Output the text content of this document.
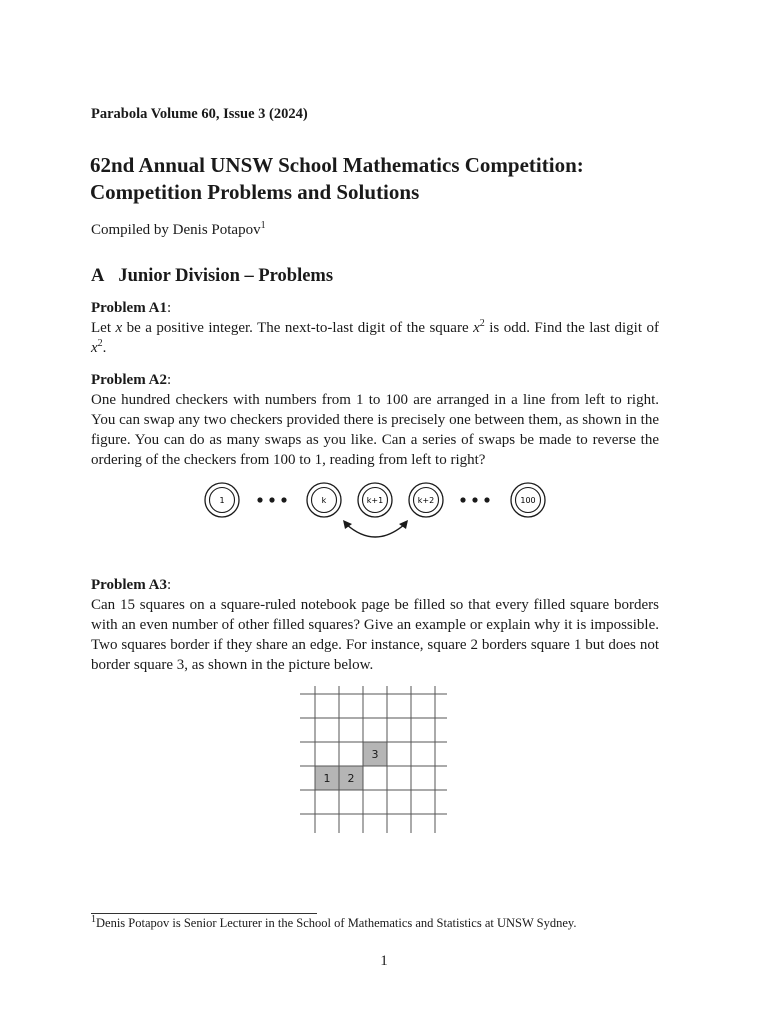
Parabola Volume 60, Issue 3 (2024)
62nd Annual UNSW School Mathematics Competition:
Competition Problems and Solutions
Compiled by Denis Potapov$^1$
A Junior Division – Problems
Problem A1:
Let x be a positive integer. The next-to-last digit of the square $x^2$ is odd. Find the last digit of $x^2$.
Problem A2:
One hundred checkers with numbers from 1 to 100 are arranged in a line from left to right. You can swap any two checkers provided there is precisely one between them, as shown in the figure. You can do as many swaps as you like. Can a series of swaps be made to reverse the ordering of the checkers from 100 to 1, reading from left to right?
1	k	k+1	k+2	100
Problem A3:
Can 15 squares on a square-ruled notebook page be filled so that every filled square borders with an even number of other filled squares? Give an example or explain why it is impossible. Two squares border if they share an edge. For instance, square 2 borders square 1 but does not border square 3, as shown in the picture below.
1 2
3
$^1$Denis Potapov is Senior Lecturer in the School of Mathematics and Statistics at UNSW Sydney.
1
